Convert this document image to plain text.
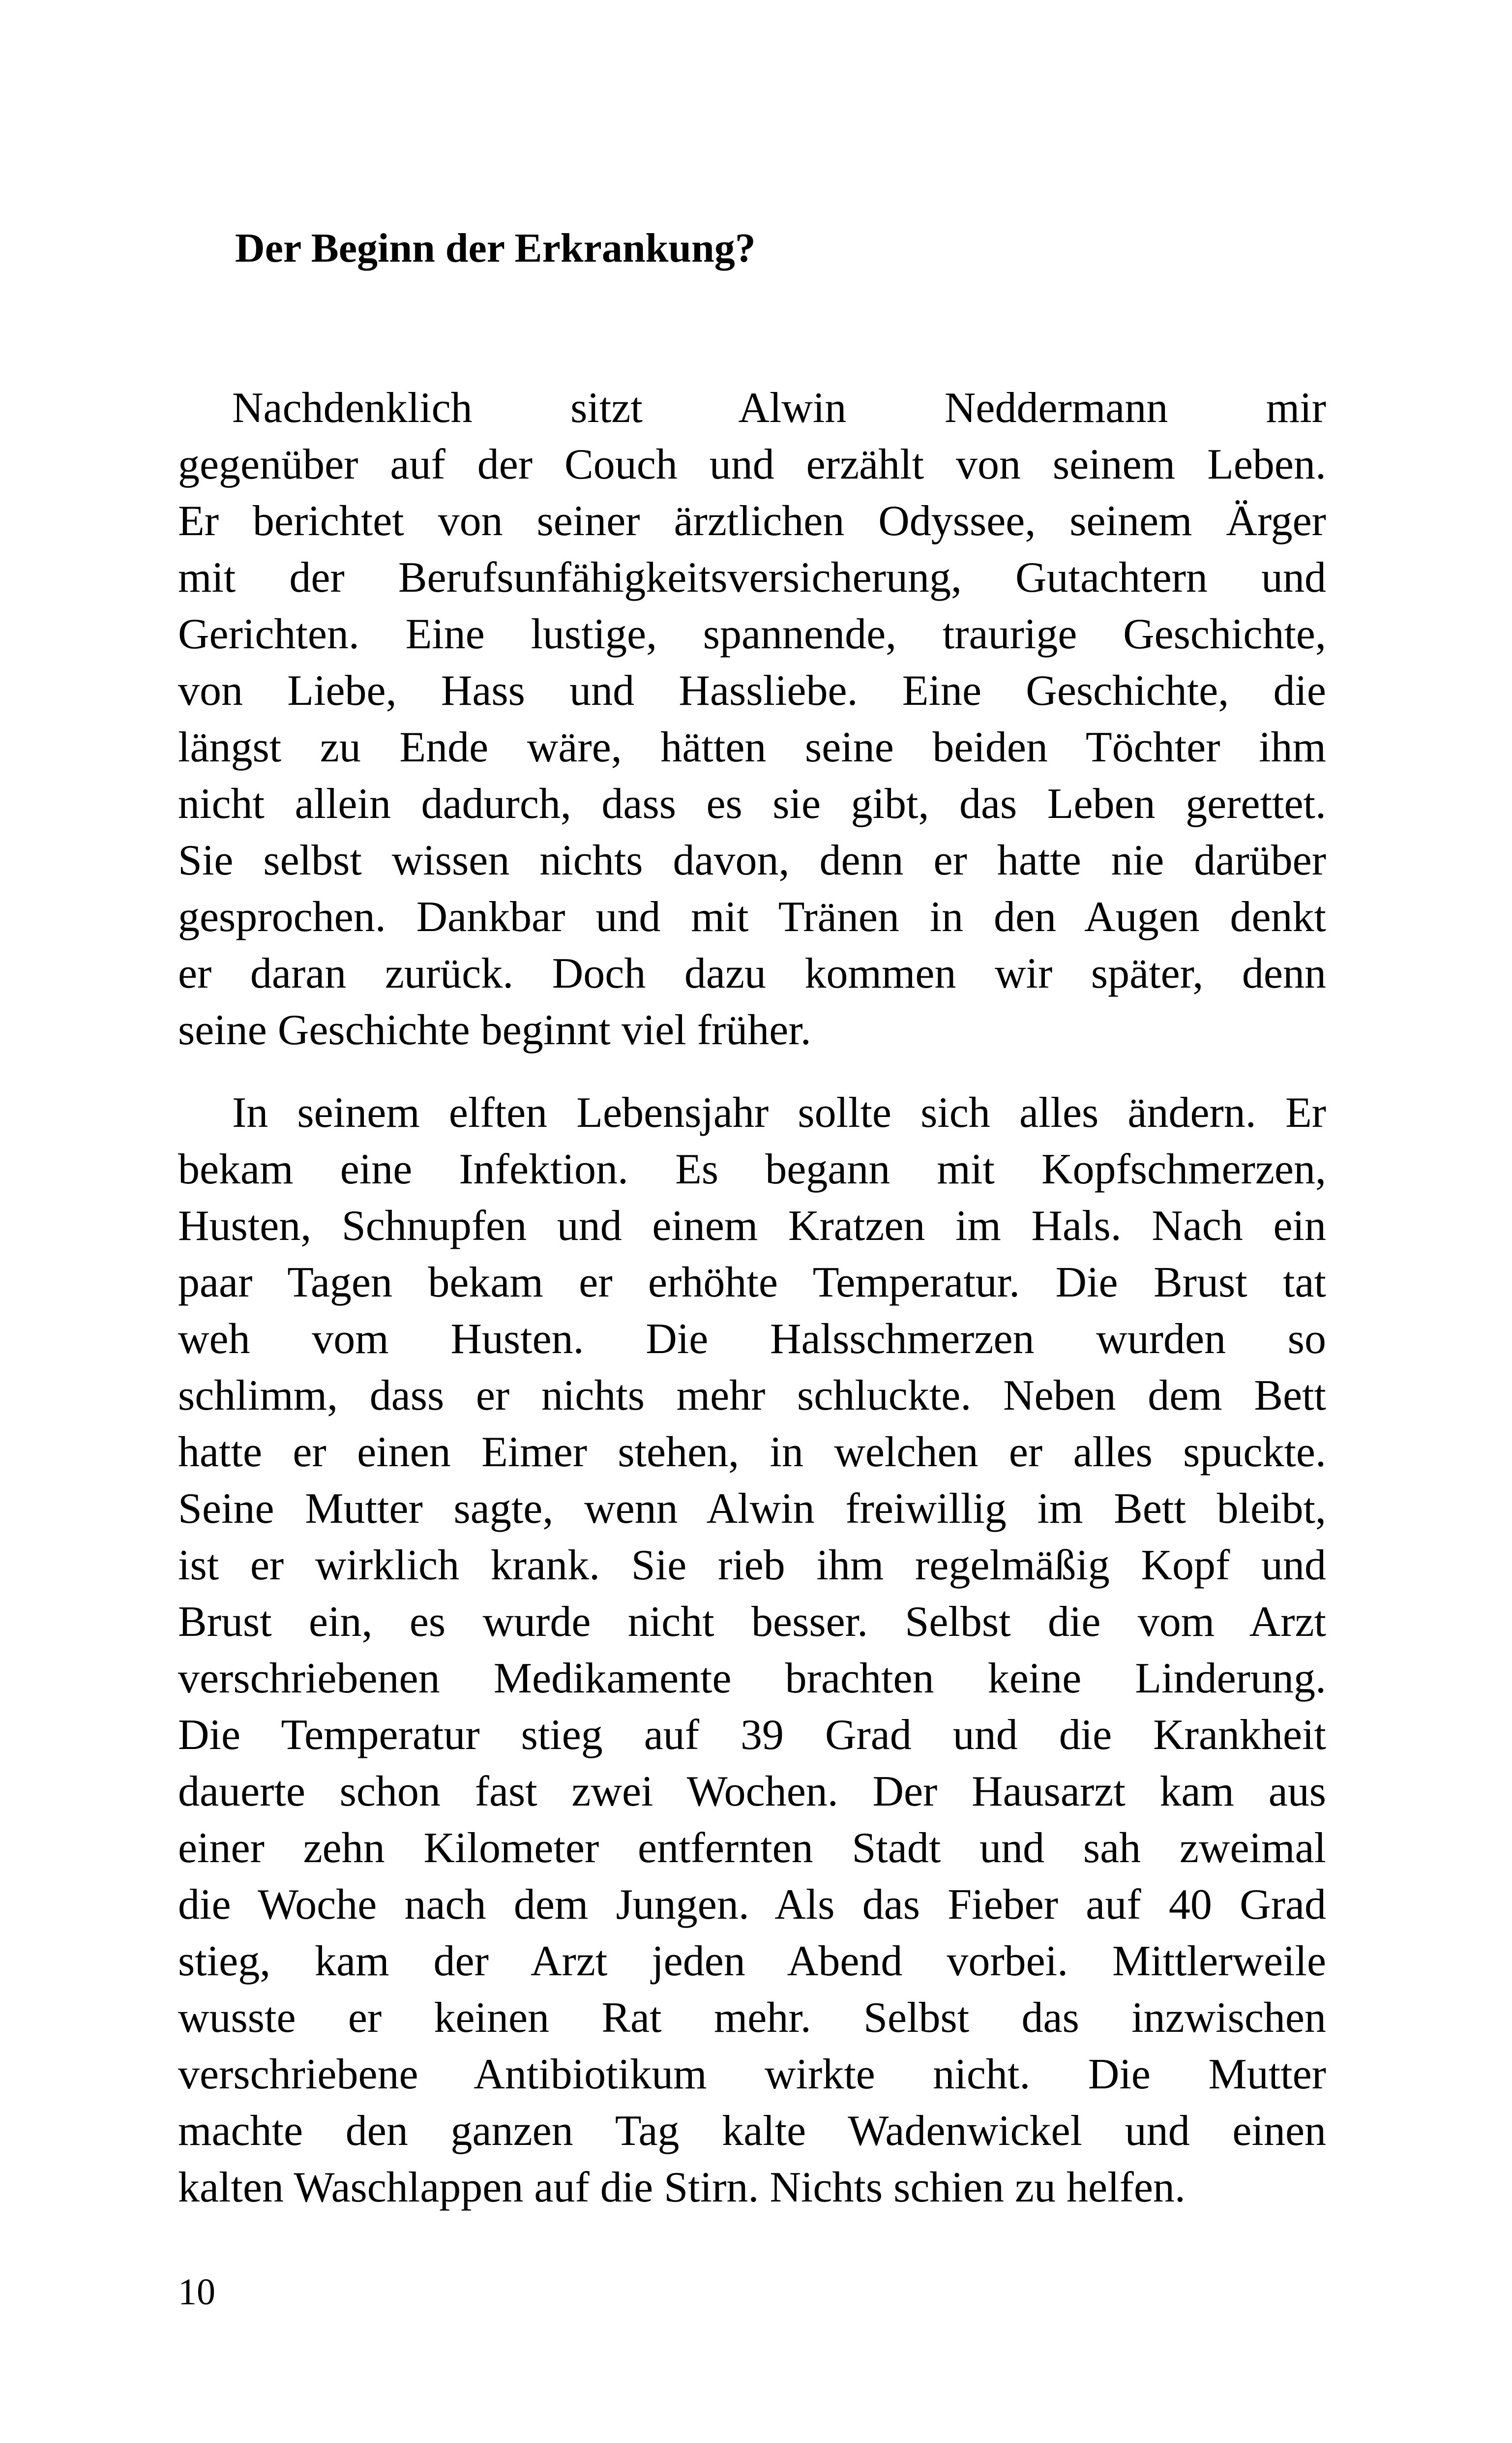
Der Beginn der Erkrankung?
Nachdenklich sitzt Alwin Neddermann mir
gegenüber auf der Couch und erzählt von seinem Leben.
Er berichtet von seiner ärztlichen Odyssee, seinem Ärger
mit der Berufsunfähigkeitsversicherung, Gutachtern und
Gerichten. Eine lustige, spannende, traurige Geschichte,
von Liebe, Hass und Hassliebe. Eine Geschichte, die
längst zu Ende wäre, hätten seine beiden Töchter ihm
nicht allein dadurch, dass es sie gibt, das Leben gerettet.
Sie selbst wissen nichts davon, denn er hatte nie darüber
gesprochen. Dankbar und mit Tränen in den Augen denkt
er daran zurück. Doch dazu kommen wir später, denn
seine Geschichte beginnt viel früher.
In seinem elften Lebensjahr sollte sich alles ändern. Er
bekam eine Infektion. Es begann mit Kopfschmerzen,
Husten, Schnupfen und einem Kratzen im Hals. Nach ein
paar Tagen bekam er erhöhte Temperatur. Die Brust tat
weh vom Husten. Die Halsschmerzen wurden so
schlimm, dass er nichts mehr schluckte. Neben dem Bett
hatte er einen Eimer stehen, in welchen er alles spuckte.
Seine Mutter sagte, wenn Alwin freiwillig im Bett bleibt,
ist er wirklich krank. Sie rieb ihm regelmäßig Kopf und
Brust ein, es wurde nicht besser. Selbst die vom Arzt
verschriebenen Medikamente brachten keine Linderung.
Die Temperatur stieg auf 39 Grad und die Krankheit
dauerte schon fast zwei Wochen. Der Hausarzt kam aus
einer zehn Kilometer entfernten Stadt und sah zweimal
die Woche nach dem Jungen. Als das Fieber auf 40 Grad
stieg, kam der Arzt jeden Abend vorbei. Mittlerweile
wusste er keinen Rat mehr. Selbst das inzwischen
verschriebene Antibiotikum wirkte nicht. Die Mutter
machte den ganzen Tag kalte Wadenwickel und einen
kalten Waschlappen auf die Stirn. Nichts schien zu helfen.
10
